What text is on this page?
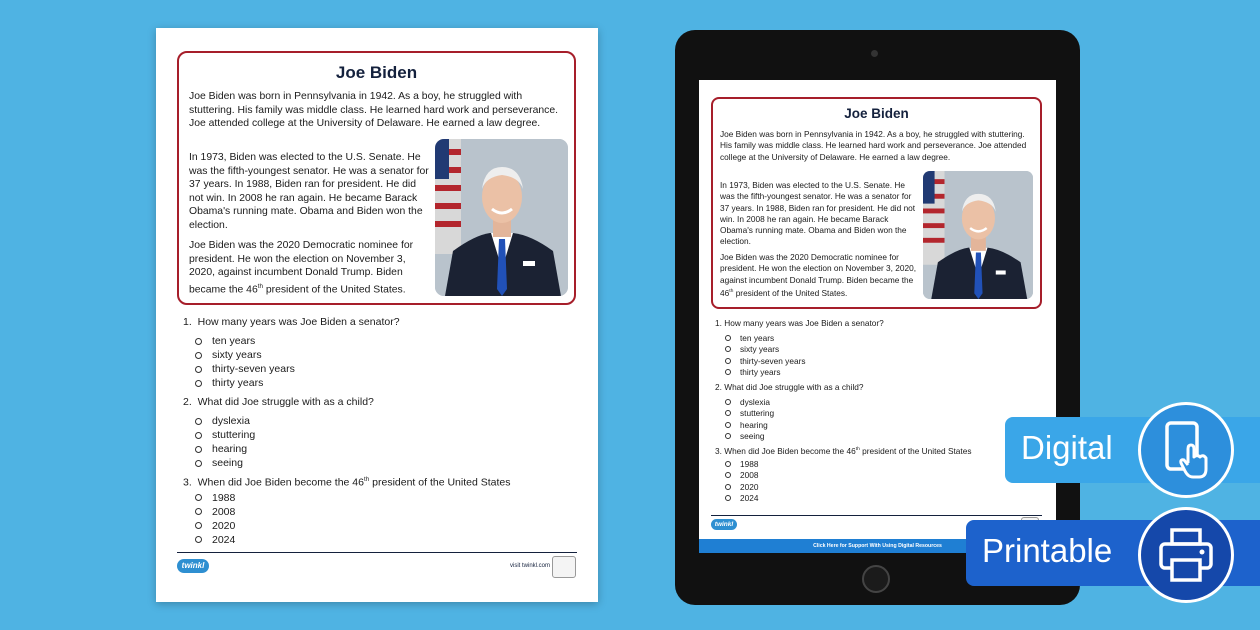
Joe Biden
Joe Biden was born in Pennsylvania in 1942. As a boy, he struggled with stuttering. His family was middle class. He learned hard work and perseverance. Joe attended college at the University of Delaware. He earned a law degree.
In 1973, Biden was elected to the U.S. Senate. He was the fifth-youngest senator. He was a senator for 37 years. In 1988, Biden ran for president. He did not win. In 2008 he ran again. He became Barack Obama's running mate. Obama and Biden won the election.
Joe Biden was the 2020 Democratic nominee for president. He won the election on November 3, 2020, against incumbent Donald Trump. Biden became the 46th president of the United States.
1. How many years was Joe Biden a senator?
ten years
sixty years
thirty-seven years
thirty years
2. What did Joe struggle with as a child?
dyslexia
stuttering
hearing
seeing
3. When did Joe Biden become the 46th president of the United States
1988
2008
2020
2024
twinkl	visit twinkl.com
Joe Biden
Joe Biden was born in Pennsylvania in 1942. As a boy, he struggled with stuttering. His family was middle class. He learned hard work and perseverance. Joe attended college at the University of Delaware. He earned a law degree.
In 1973, Biden was elected to the U.S. Senate. He was the fifth-youngest senator. He was a senator for 37 years. In 1988, Biden ran for president. He did not win. In 2008 he ran again. He became Barack Obama's running mate. Obama and Biden won the election.
Joe Biden was the 2020 Democratic nominee for president. He won the election on November 3, 2020, against incumbent Donald Trump. Biden became the 46th president of the United States.
1. How many years was Joe Biden a senator?
ten years
sixty years
thirty-seven years
thirty years
2. What did Joe struggle with as a child?
dyslexia
stuttering
hearing
seeing
3. When did Joe Biden become the 46th president of the United States
1988
2008
2020
2024
twinkl
Click Here for Support With Using Digital Resources
Digital
Printable
